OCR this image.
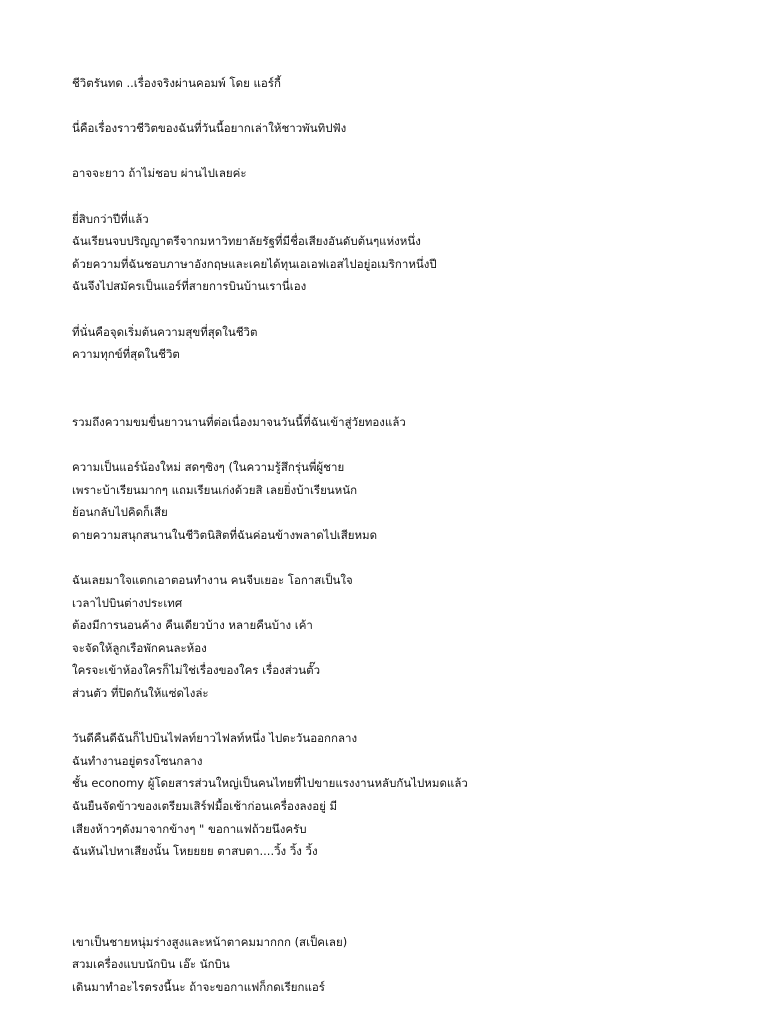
ชีวิตรันทด ..เรื่องจริงผ่านคอมพ์ โดย แอร์กี้
นี่คือเรื่องราวชีวิตของฉันที่วันนี้อยากเล่าให้ชาวพันทิปฟัง
อาจจะยาว ถ้าไม่ชอบ ผ่านไปเลยค่ะ
ยี่สิบกว่าปีที่แล้ว
ฉันเรียนจบปริญญาตรีจากมหาวิทยาลัยรัฐที่มีชื่อเสียงอันดับต้นๆแห่งหนึ่ง
ด้วยความที่ฉันชอบภาษาอังกฤษและเคยได้ทุนเอเอฟเอสไปอยู่อเมริกาหนึ่งปี
ฉันจึงไปสมัครเป็นแอร์ที่สายการบินบ้านเรานี่เอง
ที่นั่นคือจุดเริ่มต้นความสุขที่สุดในชีวิต
ความทุกข์ที่สุดในชีวิต
รวมถึงความขมขื่นยาวนานที่ต่อเนื่องมาจนวันนี้ที่ฉันเข้าสู่วัยทองแล้ว
ความเป็นแอร์น้องใหม่ สดๆซิงๆ (ในความรู้สึกรุ่นพี่ผู้ชาย
เพราะบ้าเรียนมากๆ แถมเรียนเก่งด้วยสิ เลยยิ่งบ้าเรียนหนัก
ย้อนกลับไปคิดก็เสีย
ดายความสนุกสนานในชีวิตนิสิตที่ฉันค่อนข้างพลาดไปเสียหมด
ฉันเลยมาใจแตกเอาตอนทำงาน คนจีบเยอะ โอกาสเป็นใจ
เวลาไปบินต่างประเทศ
ต้องมีการนอนค้าง คืนเดียวบ้าง หลายคืนบ้าง เค้า
จะจัดให้ลูกเรือพักคนละห้อง
ใครจะเข้าห้องใครก็ไม่ใช่เรื่องของใคร เรื่องส่วนตั๊ว
ส่วนตัว ที่ปิดกันให้แซ่ดไงล่ะ
วันดีคืนดีฉันก็ไปบินไฟลท์ยาวไฟลท์หนึ่ง ไปตะวันออกกลาง
ฉันทำงานอยู่ตรงโซนกลาง
ชั้น economy ผู้โดยสารส่วนใหญ่เป็นคนไทยที่ไปขายแรงงานหลับกันไปหมดแล้ว
ฉันยืนจัดข้าวของเตรียมเสิร์ฟมื้อเช้าก่อนเครื่องลงอยู่ มี
เสียงห้าวๆดังมาจากข้างๆ " ขอกาแฟถ้วยนึงครับ
ฉันหันไปหาเสียงนั้น โหยยยย ตาสบตา....วิ้ง วิ้ง วิ้ง
เขาเป็นชายหนุ่มร่างสูงและหน้าตาคมมากกก (สเป็คเลย)
สวมเครื่องแบบนักบิน เอ๊ะ นักบิน
เดินมาทำอะไรตรงนี้นะ ถ้าจะขอกาแฟก็กดเรียกแอร์
